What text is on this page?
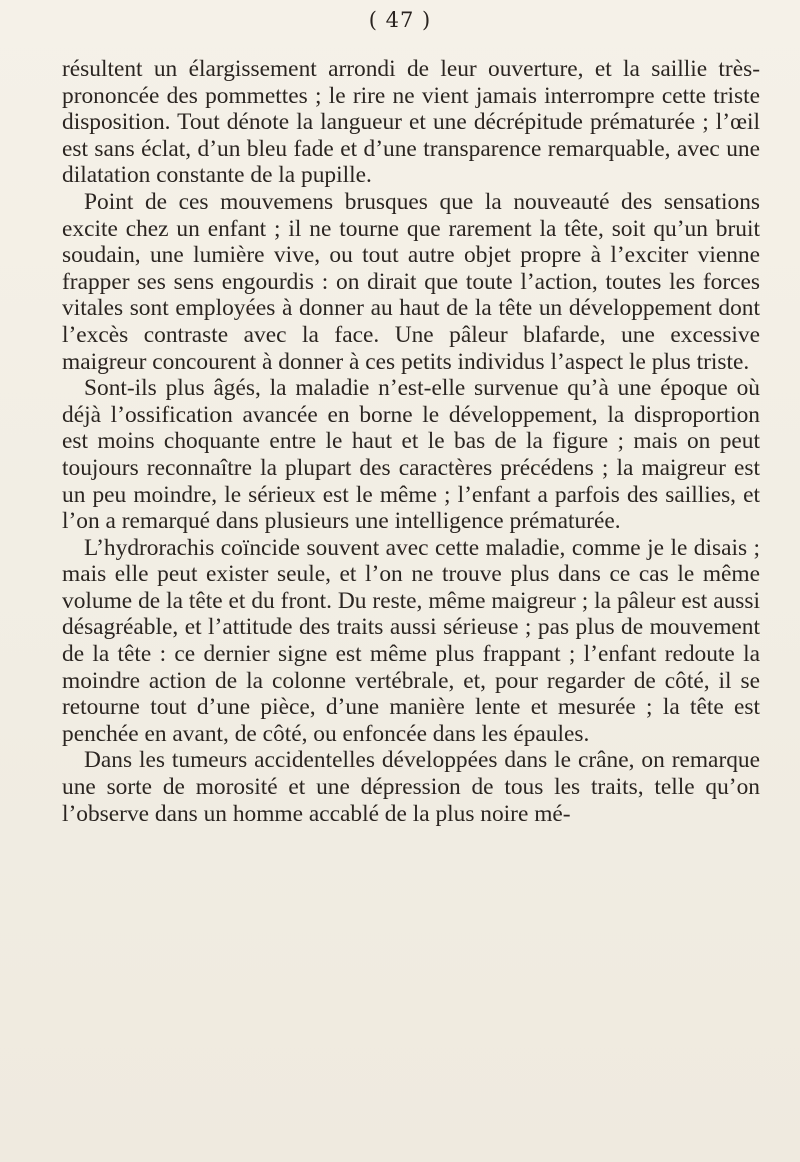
( 47 )

résultent un élargissement arrondi de leur ouverture, et la saillie très-prononcée des pommettes ; le rire ne vient jamais interrompre cette triste disposition. Tout dénote la langueur et une décrépitude prématurée ; l’œil est sans éclat, d’un bleu fade et d’une transparence remarquable, avec une dilatation constante de la pupille.

Point de ces mouvemens brusques que la nouveauté des sensations excite chez un enfant ; il ne tourne que rarement la tête, soit qu’un bruit soudain, une lumière vive, ou tout autre objet propre à l’exciter vienne frapper ses sens engourdis : on dirait que toute l’action, toutes les forces vitales sont employées à donner au haut de la tête un développement dont l’excès contraste avec la face. Une pâleur blafarde, une excessive maigreur concourent à donner à ces petits individus l’aspect le plus triste.

Sont-ils plus âgés, la maladie n’est-elle survenue qu’à une époque où déjà l’ossification avancée en borne le développement, la disproportion est moins choquante entre le haut et le bas de la figure ; mais on peut toujours reconnaître la plupart des caractères précédens ; la maigreur est un peu moindre, le sérieux est le même ; l’enfant a parfois des saillies, et l’on a remarqué dans plusieurs une intelligence prématurée.

L’hydrorachis coïncide souvent avec cette maladie, comme je le disais ; mais elle peut exister seule, et l’on ne trouve plus dans ce cas le même volume de la tête et du front. Du reste, même maigreur ; la pâleur est aussi désagréable, et l’attitude des traits aussi sérieuse ; pas plus de mouvement de la tête : ce dernier signe est même plus frappant ; l’enfant redoute la moindre action de la colonne vertébrale, et, pour regarder de côté, il se retourne tout d’une pièce, d’une manière lente et mesurée ; la tête est penchée en avant, de côté, ou enfoncée dans les épaules.

Dans les tumeurs accidentelles développées dans le crâne, on remarque une sorte de morosité et une dépression de tous les traits, telle qu’on l’observe dans un homme accablé de la plus noire mé-
